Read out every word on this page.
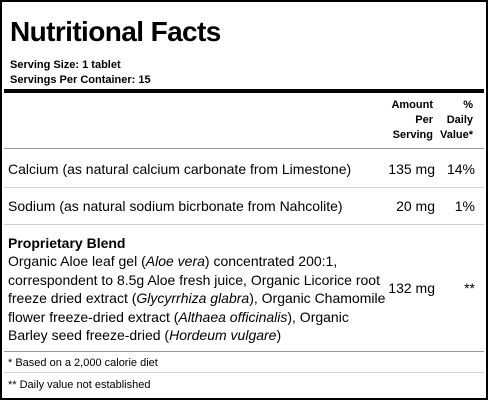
Nutritional Facts
Serving Size: 1 tablet
Servings Per Container: 15
Amount
Per
Serving
%
Daily
Value*
Calcium (as natural calcium carbonate from Limestone)	135 mg 14%
Sodium (as natural sodium bicrbonate from Nahcolite)	20 mg 1%
Proprietary Blend
Organic Aloe leaf gel (Aloe vera) concentrated 200:1, correspondent to 8.5g Aloe fresh juice, Organic Licorice root freeze dried extract (Glycyrrhiza glabra), Organic Chamomile flower freeze-dried extract (Althaea officinalis), Organic Barley seed freeze-dried (Hordeum vulgare)
132 mg **
* Based on a 2,000 calorie diet
** Daily value not established
